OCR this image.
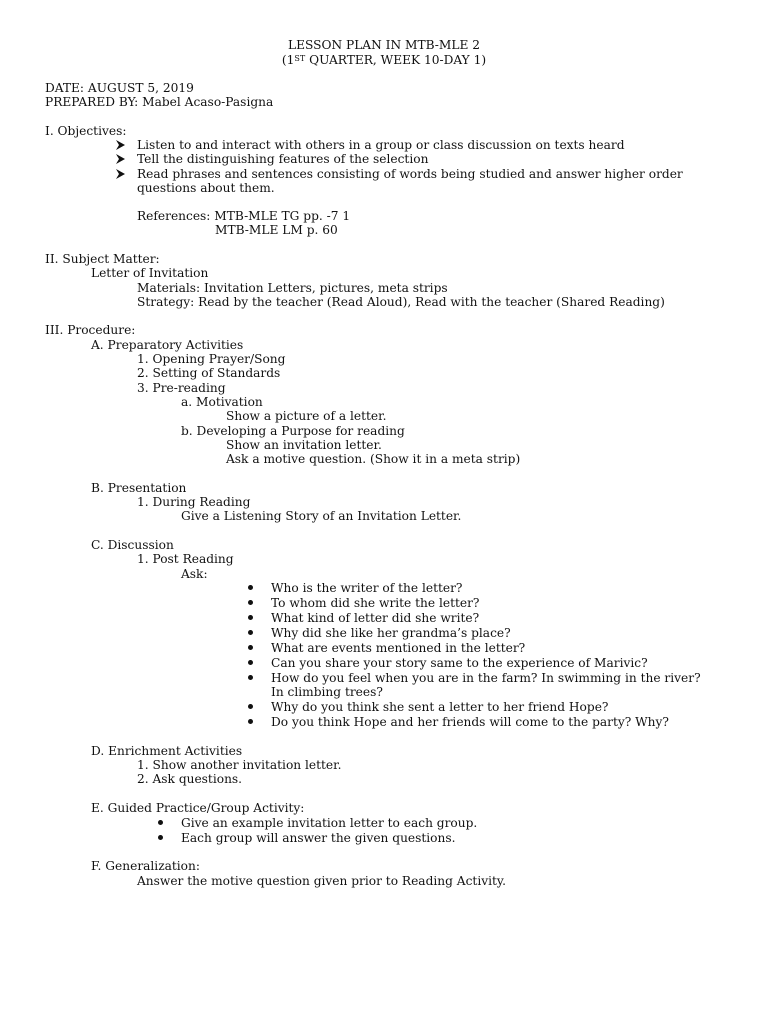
LESSON PLAN IN MTB-MLE 2
(1ST QUARTER, WEEK 10-DAY 1)
DATE: AUGUST 5, 2019
PREPARED BY: Mabel Acaso-Pasigna
I. Objectives:
Listen to and interact with others in a group or class discussion on texts heard
Tell the distinguishing features of the selection
Read phrases and sentences consisting of words being studied and answer higher order
questions about them.
References: MTB-MLE TG pp. -7 1
MTB-MLE LM p. 60
II. Subject Matter:
Letter of Invitation
Materials: Invitation Letters, pictures, meta strips
Strategy: Read by the teacher (Read Aloud), Read with the teacher (Shared Reading)
III. Procedure:
A. Preparatory Activities
1. Opening Prayer/Song
2. Setting of Standards
3. Pre-reading
a. Motivation
Show a picture of a letter.
b. Developing a Purpose for reading
Show an invitation letter.
Ask a motive question. (Show it in a meta strip)
B. Presentation
1. During Reading
Give a Listening Story of an Invitation Letter.
C. Discussion
1. Post Reading
Ask:
Who is the writer of the letter?
To whom did she write the letter?
What kind of letter did she write?
Why did she like her grandma’s place?
What are events mentioned in the letter?
Can you share your story same to the experience of Marivic?
How do you feel when you are in the farm? In swimming in the river?
In climbing trees?
Why do you think she sent a letter to her friend Hope?
Do you think Hope and her friends will come to the party? Why?
D. Enrichment Activities
1. Show another invitation letter.
2. Ask questions.
E. Guided Practice/Group Activity:
Give an example invitation letter to each group.
Each group will answer the given questions.
F. Generalization:
Answer the motive question given prior to Reading Activity.
